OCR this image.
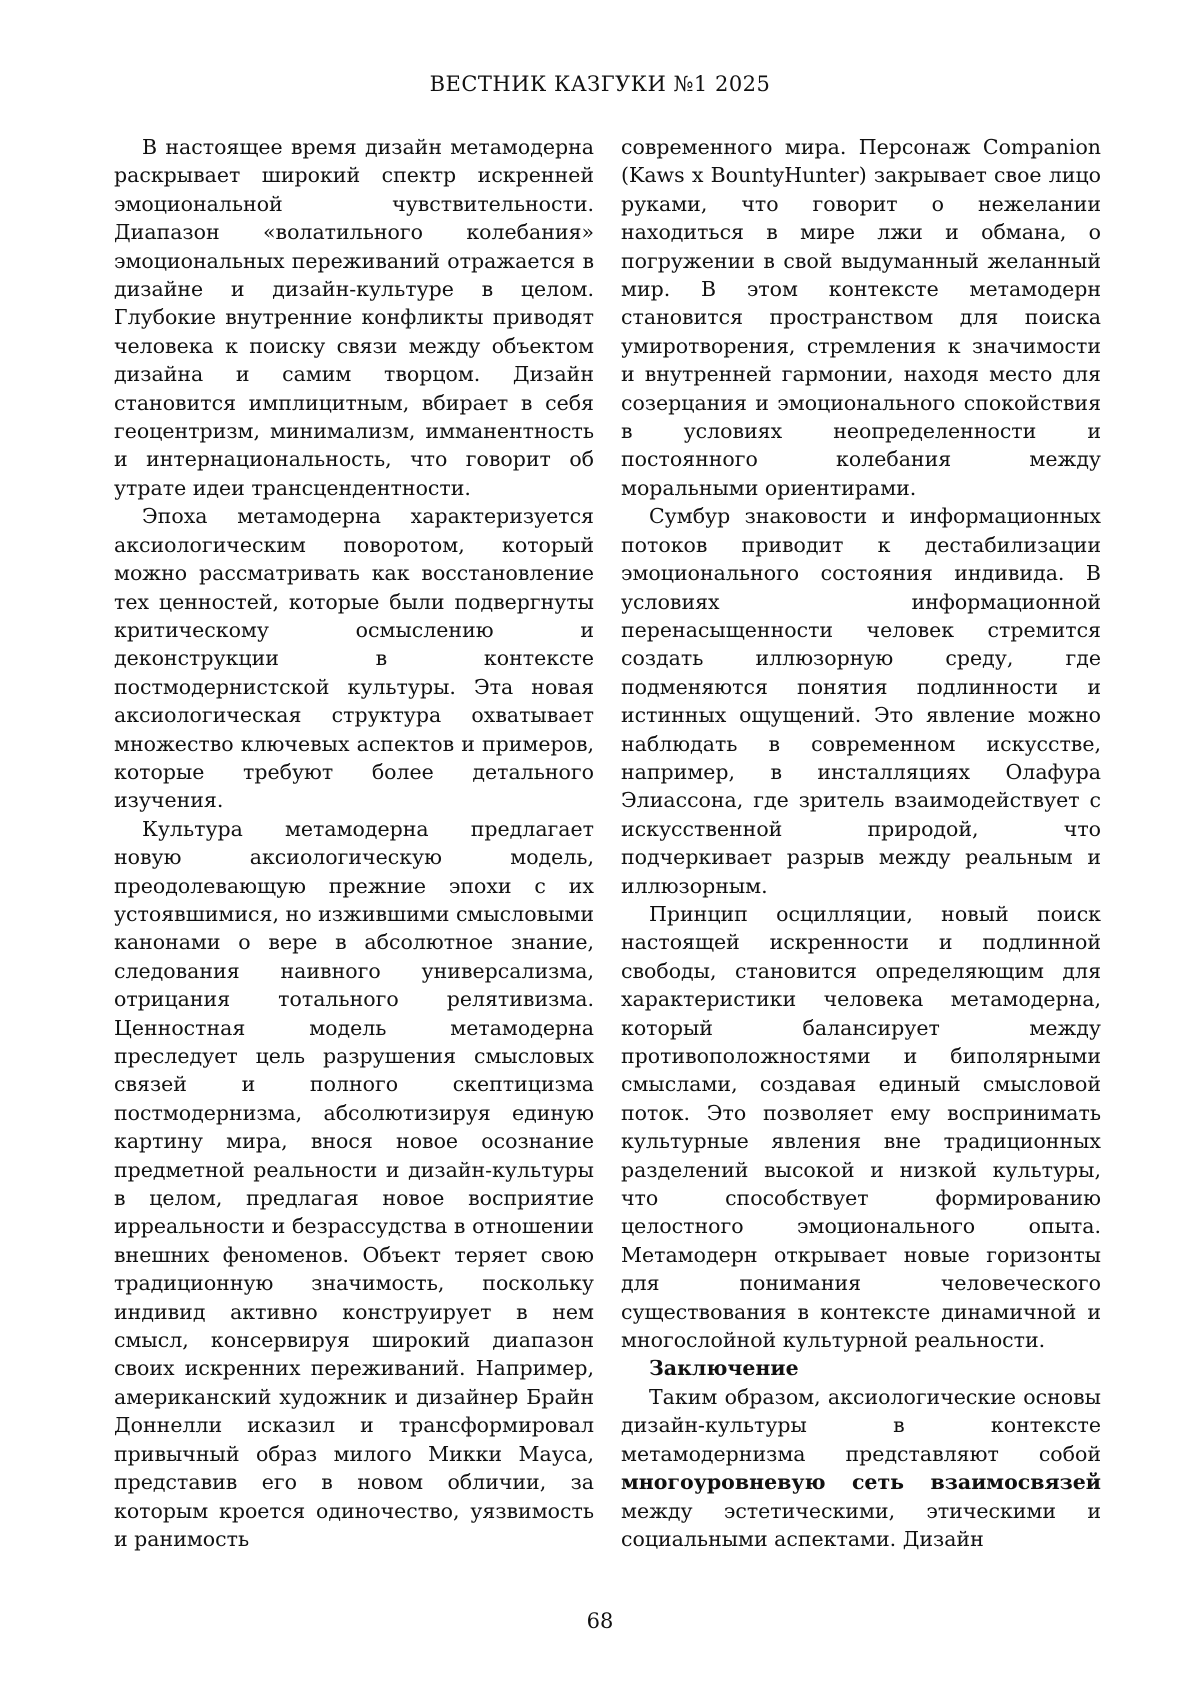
ВЕСТНИК КАЗГУКИ №1 2025

В настоящее время дизайн метамодерна раскрывает широкий спектр искренней эмоциональной чувствительности. Диапазон «волатильного колебания» эмоциональных переживаний отражается в дизайне и дизайн-культуре в целом. Глубокие внутренние конфликты приводят человека к поиску связи между объектом дизайна и самим творцом. Дизайн становится имплицитным, вбирает в себя геоцентризм, минимализм, имманентность и интернациональность, что говорит об утрате идеи трансцендентности.

Эпоха метамодерна характеризуется аксиологическим поворотом, который можно рассматривать как восстановление тех ценностей, которые были подвергнуты критическому осмыслению и деконструкции в контексте постмодернистской культуры. Эта новая аксиологическая структура охватывает множество ключевых аспектов и примеров, которые требуют более детального изучения.

Культура метамодерна предлагает новую аксиологическую модель, преодолевающую прежние эпохи с их устоявшимися, но изжившими смысловыми канонами о вере в абсолютное знание, следования наивного универсализма, отрицания тотального релятивизма. Ценностная модель метамодерна преследует цель разрушения смысловых связей и полного скептицизма постмодернизма, абсолютизируя единую картину мира, внося новое осознание предметной реальности и дизайн-культуры в целом, предлагая новое восприятие ирреальности и безрассудства в отношении внешних феноменов. Объект теряет свою традиционную значимость, поскольку индивид активно конструирует в нем смысл, консервируя широкий диапазон своих искренних переживаний. Например, американский художник и дизайнер Брайн Доннелли исказил и трансформировал привычный образ милого Микки Мауса, представив его в новом обличии, за которым кроется одиночество, уязвимость и ранимость

современного мира. Персонаж Companion (Kaws x BountyHunter) закрывает свое лицо руками, что говорит о нежелании находиться в мире лжи и обмана, о погружении в свой выдуманный желанный мир. В этом контексте метамодерн становится пространством для поиска умиротворения, стремления к значимости и внутренней гармонии, находя место для созерцания и эмоционального спокойствия в условиях неопределенности и постоянного колебания между моральными ориентирами.

Сумбур знаковости и информационных потоков приводит к дестабилизации эмоционального состояния индивида. В условиях информационной перенасыщенности человек стремится создать иллюзорную среду, где подменяются понятия подлинности и истинных ощущений. Это явление можно наблюдать в современном искусстве, например, в инсталляциях Олафура Элиассона, где зритель взаимодействует с искусственной природой, что подчеркивает разрыв между реальным и иллюзорным.

Принцип осцилляции, новый поиск настоящей искренности и подлинной свободы, становится определяющим для характеристики человека метамодерна, который балансирует между противоположностями и биполярными смыслами, создавая единый смысловой поток. Это позволяет ему воспринимать культурные явления вне традиционных разделений высокой и низкой культуры, что способствует формированию целостного эмоционального опыта. Метамодерн открывает новые горизонты для понимания человеческого существования в контексте динамичной и многослойной культурной реальности.

Заключение

Таким образом, аксиологические основы дизайн-культуры в контексте метамодернизма представляют собой многоуровневую сеть взаимосвязей между эстетическими, этическими и социальными аспектами. Дизайн

68
